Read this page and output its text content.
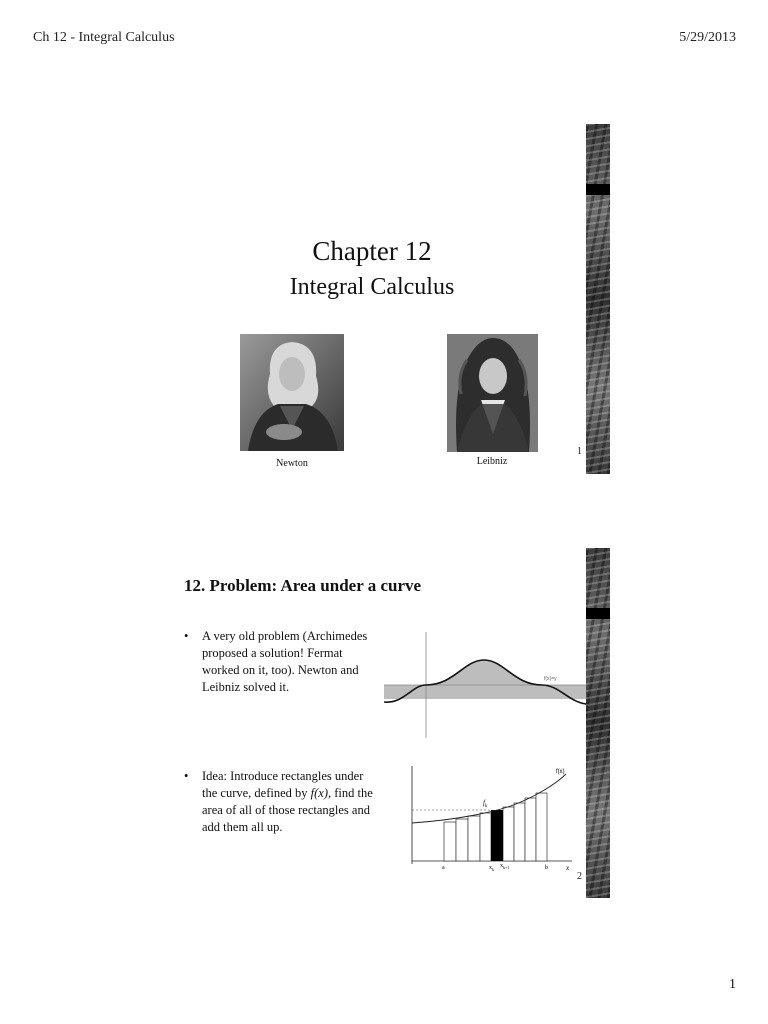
Ch 12 - Integral Calculus	5/29/2013
Chapter 12
Integral Calculus
Newton	Leibniz
1
12. Problem: Area under a curve
•	A very old problem (Archimedes proposed a solution! Fermat worked on it, too). Newton and Leibniz solved it.
•	Idea: Introduce rectangles under the curve, defined by f(x), find the area of all of those rectangles and add them all up.
f(x)=y
f(x)
$f_k$
a	$x_k$
$x_{k+1}$	b	x
2
1
